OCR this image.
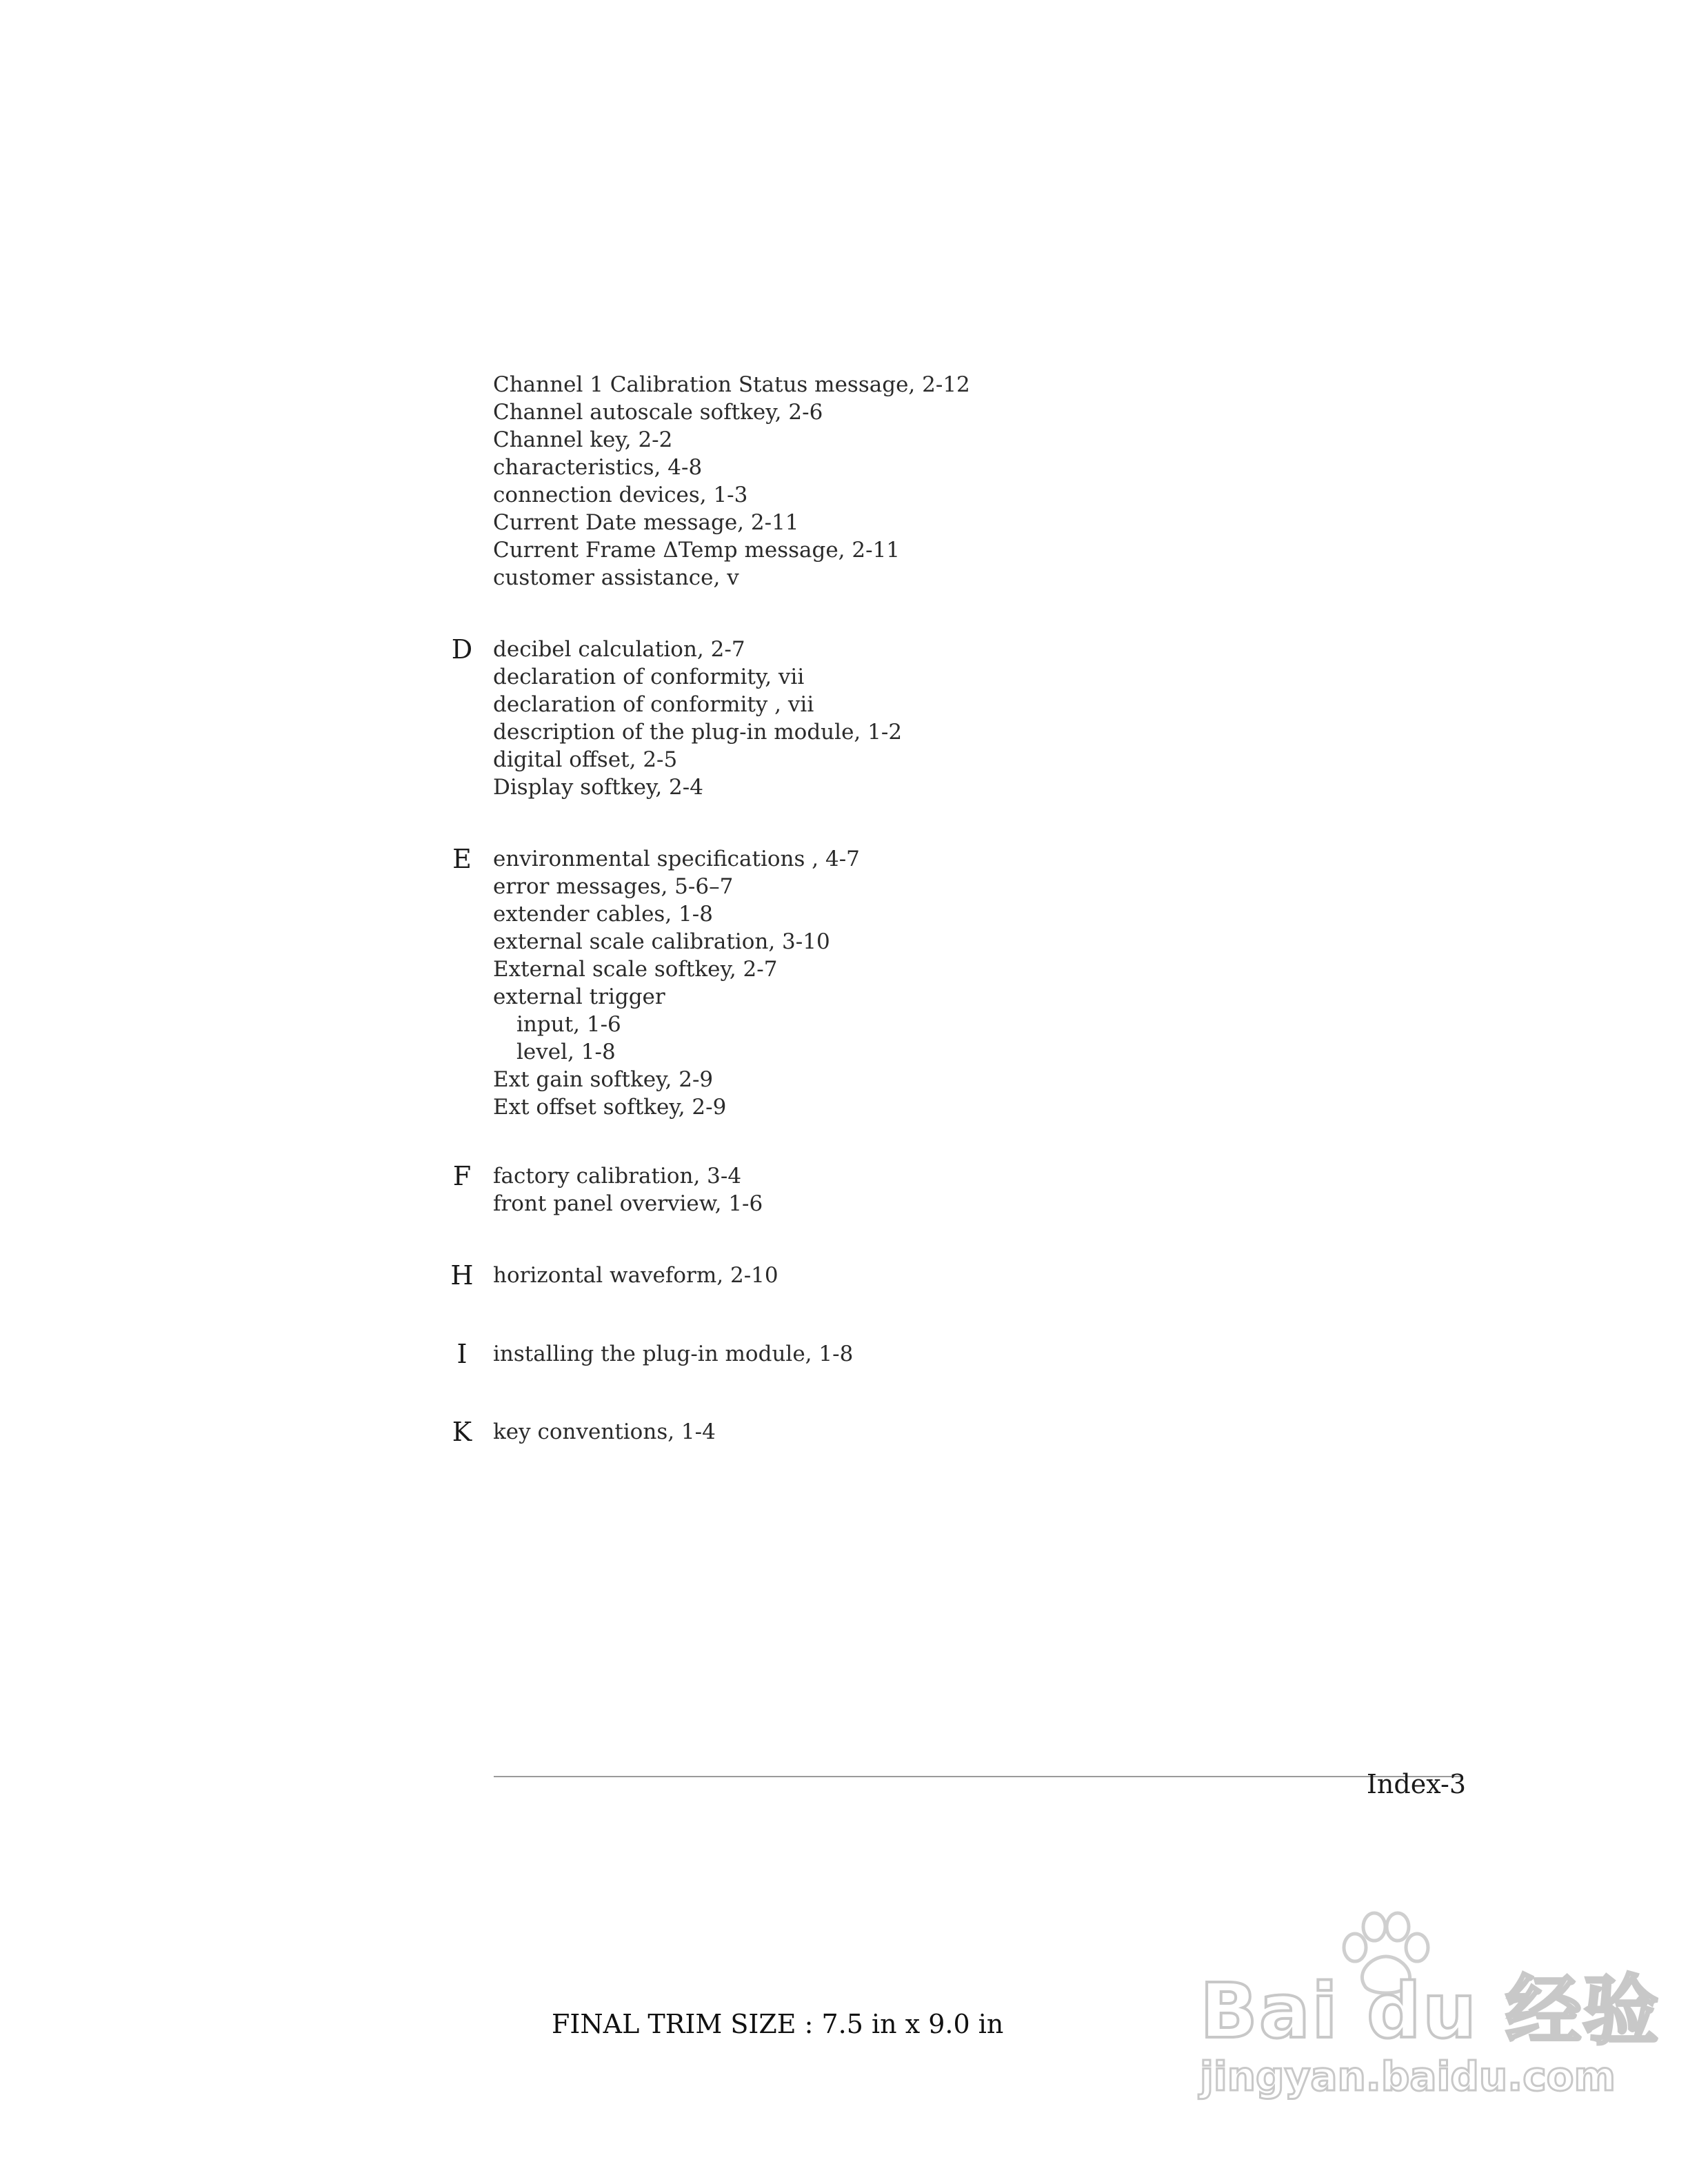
Channel 1 Calibration Status message, 2-12
Channel autoscale softkey, 2-6
Channel key, 2-2
characteristics, 4-8
connection devices, 1-3
Current Date message, 2-11
Current Frame ΔTemp message, 2-11
customer assistance, v
D decibel calculation, 2-7
declaration of conformity, vii
declaration of conformity , vii
description of the plug-in module, 1-2
digital offset, 2-5
Display softkey, 2-4
E	environmental specifications , 4-7
error messages, 5-6–7
extender cables, 1-8
external scale calibration, 3-10
External scale softkey, 2-7
external trigger
input, 1-6
level, 1-8
Ext gain softkey, 2-9
Ext offset softkey, 2-9
F	factory calibration, 3-4
front panel overview, 1-6
H horizontal waveform, 2-10
I	installing the plug-in module, 1-8
K key conventions, 1-4
Index-3
FINAL TRIM SIZE : 7.5 in x 9.0 in	Bai du 经验
jingyan.baidu.com
